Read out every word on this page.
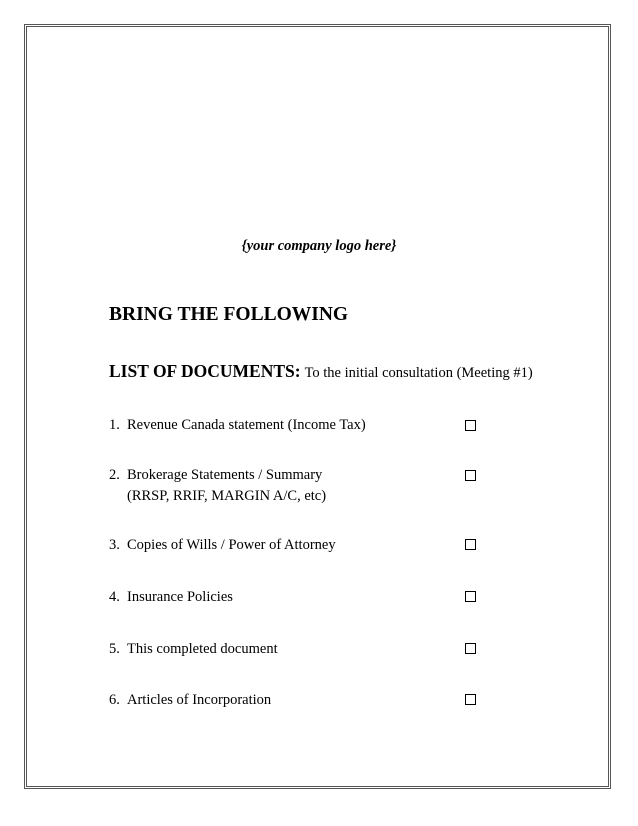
{your company logo here}
BRING THE FOLLOWING
LIST OF DOCUMENTS: To the initial consultation (Meeting #1)
1. Revenue Canada statement (Income Tax)
2. Brokerage Statements / Summary
(RRSP, RRIF, MARGIN A/C, etc)
3. Copies of Wills / Power of Attorney
4. Insurance Policies
5. This completed document
6. Articles of Incorporation
